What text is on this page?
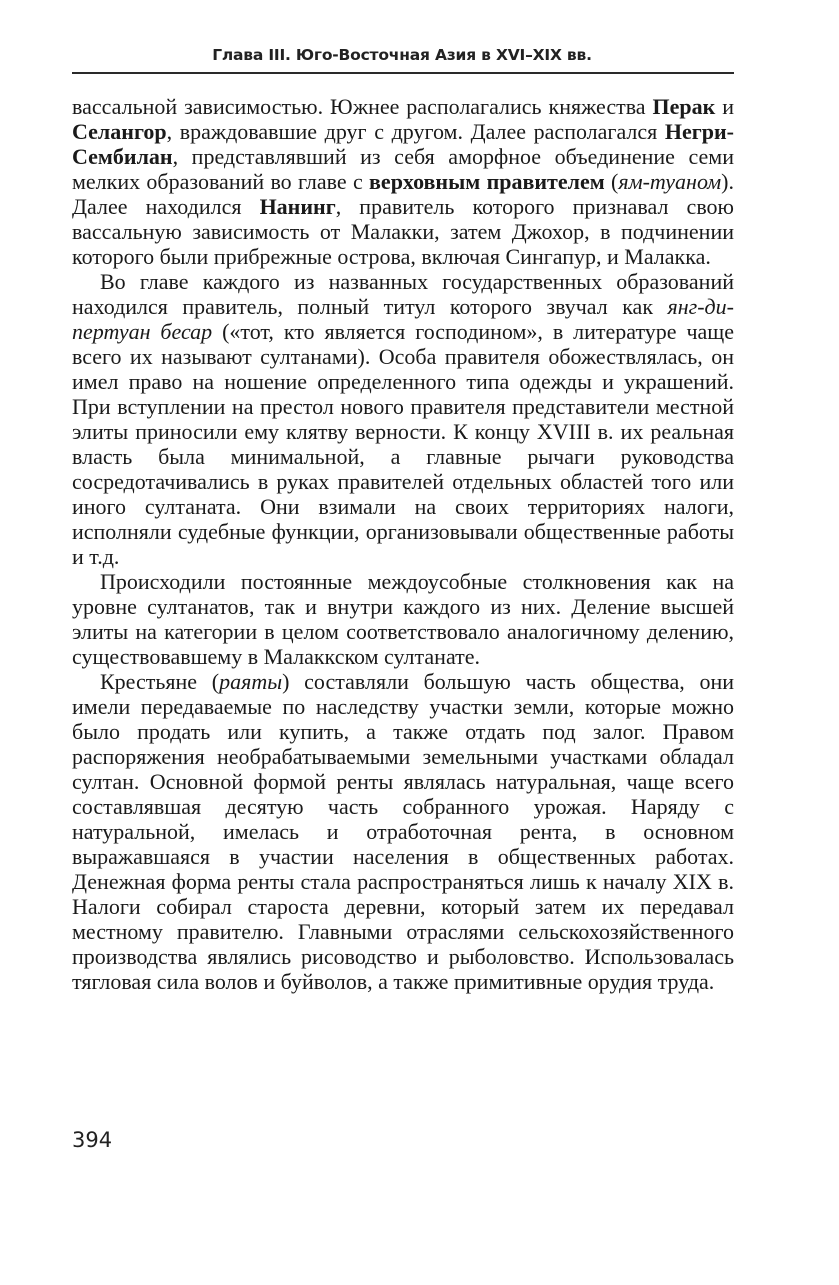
Глава III. Юго-Восточная Азия в XVI–XIX вв.

вассальной зависимостью. Южнее располагались княжества Перак и Селангор, враждовавшие друг с другом. Далее располагался Негри-Сембилан, представлявший из себя аморфное объединение семи мелких образований во главе с верховным правителем (ям-туаном). Далее находился Нанинг, правитель которого признавал свою вассальную зависимость от Малакки, затем Джохор, в подчинении которого были прибрежные острова, включая Сингапур, и Малакка.

Во главе каждого из названных государственных образований находился правитель, полный титул которого звучал как янг-ди-пертуан бесар («тот, кто является господином», в литературе чаще всего их называют султанами). Особа правителя обожествлялась, он имел право на ношение определенного типа одежды и украшений. При вступлении на престол нового правителя представители местной элиты приносили ему клятву верности. К концу XVIII в. их реальная власть была минимальной, а главные рычаги руководства сосредотачивались в руках правителей отдельных областей того или иного султаната. Они взимали на своих территориях налоги, исполняли судебные функции, организовывали общественные работы и т.д.

Происходили постоянные междоусобные столкновения как на уровне султанатов, так и внутри каждого из них. Деление высшей элиты на категории в целом соответствовало аналогичному делению, существовавшему в Малаккском султанате.

Крестьяне (раяты) составляли большую часть общества, они имели передаваемые по наследству участки земли, которые можно было продать или купить, а также отдать под залог. Правом распоряжения необрабатываемыми земельными участками обладал султан. Основной формой ренты являлась натуральная, чаще всего составлявшая десятую часть собранного урожая. Наряду с натуральной, имелась и отработочная рента, в основном выражавшаяся в участии населения в общественных работах. Денежная форма ренты стала распространяться лишь к началу XIX в. Налоги собирал староста деревни, который затем их передавал местному правителю. Главными отраслями сельскохозяйственного производства являлись рисоводство и рыболовство. Использовалась тягловая сила волов и буйволов, а также примитивные орудия труда.

394
